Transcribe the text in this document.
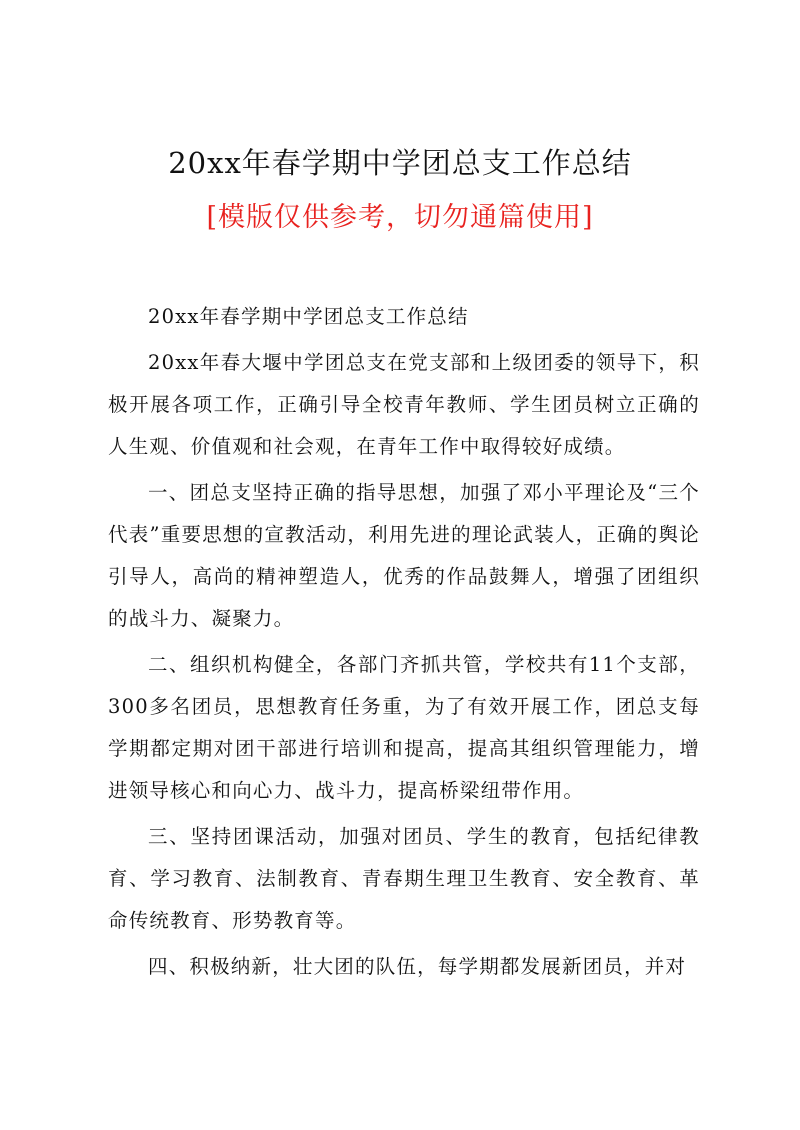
20xx年春学期中学团总支工作总结
[模版仅供参考，切勿通篇使用]

20xx年春学期中学团总支工作总结

20xx年春大堰中学团总支在党支部和上级团委的领导下，积极开展各项工作，正确引导全校青年教师、学生团员树立正确的人生观、价值观和社会观，在青年工作中取得较好成绩。

一、团总支坚持正确的指导思想，加强了邓小平理论及“三个代表”重要思想的宣教活动，利用先进的理论武装人，正确的舆论引导人，高尚的精神塑造人，优秀的作品鼓舞人，增强了团组织的战斗力、凝聚力。

二、组织机构健全，各部门齐抓共管，学校共有11个支部，300多名团员，思想教育任务重，为了有效开展工作，团总支每学期都定期对团干部进行培训和提高，提高其组织管理能力，增进领导核心和向心力、战斗力，提高桥梁纽带作用。

三、坚持团课活动，加强对团员、学生的教育，包括纪律教育、学习教育、法制教育、青春期生理卫生教育、安全教育、革命传统教育、形势教育等。

四、积极纳新，壮大团的队伍，每学期都发展新团员，并对
